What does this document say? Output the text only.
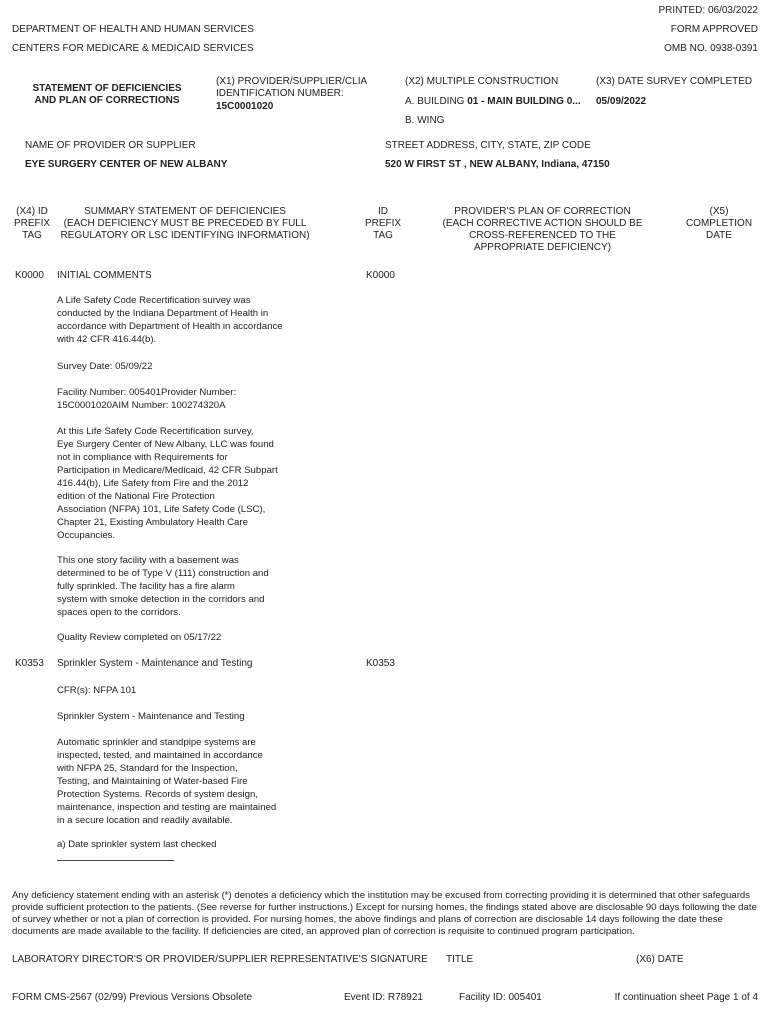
PRINTED: 06/03/2022
DEPARTMENT OF HEALTH AND HUMAN SERVICES	FORM APPROVED
CENTERS FOR MEDICARE & MEDICAID SERVICES	OMB NO. 0938-0391
STATEMENT OF DEFICIENCIES
AND PLAN OF CORRECTIONS
(X1) PROVIDER/SUPPLIER/CLIA
IDENTIFICATION NUMBER:
15C0001020
(X2) MULTIPLE CONSTRUCTION
A. BUILDING 01 - MAIN BUILDING 0...
B. WING
(X3) DATE SURVEY COMPLETED
05/09/2022
NAME OF PROVIDER OR SUPPLIER
EYE SURGERY CENTER OF NEW ALBANY
STREET ADDRESS, CITY, STATE, ZIP CODE
520 W FIRST ST , NEW ALBANY, Indiana, 47150
(X4) ID
PREFIX
TAG
SUMMARY STATEMENT OF DEFICIENCIES
(EACH DEFICIENCY MUST BE PRECEDED BY FULL
REGULATORY OR LSC IDENTIFYING INFORMATION)
ID
PREFIX
TAG
PROVIDER'S PLAN OF CORRECTION
(EACH CORRECTIVE ACTION SHOULD BE
CROSS-REFERENCED TO THE
APPROPRIATE DEFICIENCY)
(X5)
COMPLETION
DATE
K0000 INITIAL COMMENTS	K0000
A Life Safety Code Recertification survey was
conducted by the Indiana Department of Health in
accordance with Department of Health in accordance
with 42 CFR 416.44(b).
Survey Date: 05/09/22
Facility Number: 005401Provider Number:
15C0001020AIM Number: 100274320A
At this Life Safety Code Recertification survey,
Eye Surgery Center of New Albany, LLC was found
not in compliance with Requirements for
Participation in Medicare/Medicaid, 42 CFR Subpart
416.44(b), Life Safety from Fire and the 2012
edition of the National Fire Protection
Association (NFPA) 101, Life Safety Code (LSC),
Chapter 21, Existing Ambulatory Health Care
Occupancies.
This one story facility with a basement was
determined to be of Type V (111) construction and
fully sprinkled. The facility has a fire alarm
system with smoke detection in the corridors and
spaces open to the corridors.
Quality Review completed on 05/17/22
K0353 Sprinkler System - Maintenance and Testing	K0353
CFR(s): NFPA 101
Sprinkler System - Maintenance and Testing
Automatic sprinkler and standpipe systems are
inspected, tested, and maintained in accordance
with NFPA 25, Standard for the Inspection,
Testing, and Maintaining of Water-based Fire
Protection Systems. Records of system design,
maintenance, inspection and testing are maintained
in a secure location and readily available.
a) Date sprinkler system last checked
Any deficiency statement ending with an asterisk (*) denotes a deficiency which the institution may be excused from correcting providing it is determined that other safeguards provide sufficient protection to the patients. (See reverse for further instructions.) Except for nursing homes, the findings stated above are disclosable 90 days following the date of survey whether or not a plan of correction is provided. For nursing homes, the above findings and plans of correction are disclosable 14 days following the date these documents are made available to the facility. If deficiencies are cited, an approved plan of correction is requisite to continued program participation.
LABORATORY DIRECTOR'S OR PROVIDER/SUPPLIER REPRESENTATIVE'S SIGNATURE TITLE	(X6) DATE
FORM CMS-2567 (02/99) Previous Versions Obsolete	Event ID: R78921	Facility ID: 005401	If continuation sheet Page 1 of 4
